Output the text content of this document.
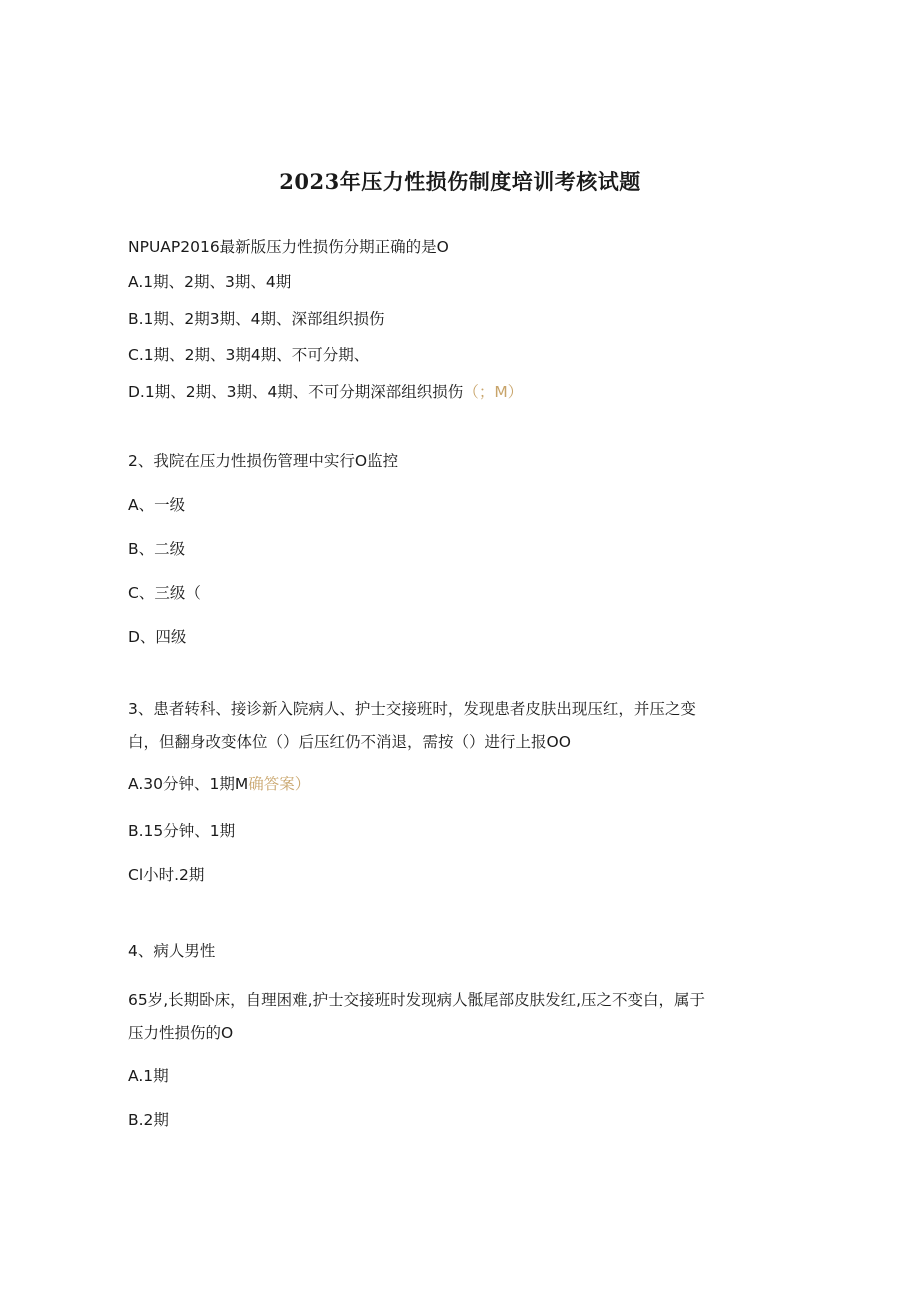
2023年压力性损伤制度培训考核试题
NPUAP2016最新版压力性损伤分期正确的是O
A.1期、2期、3期、4期
B.1期、2期3期、4期、深部组织损伤
C.1期、2期、3期4期、不可分期、
D.1期、2期、3期、4期、不可分期深部组织损伤（；M）
2、我院在压力性损伤管理中实行O监控
A、一级
B、二级
C、三级（
D、四级
3、患者转科、接诊新入院病人、护士交接班时，发现患者皮肤出现压红，并压之变
白，但翻身改变体位（）后压红仍不消退，需按（）进行上报OO
A.30分钟、1期M确答案）
B.15分钟、1期
Cl小时.2期
4、病人男性
65岁,长期卧床，自理困难,护士交接班时发现病人骶尾部皮肤发红,压之不变白，属于
压力性损伤的O
A.1期
B.2期
